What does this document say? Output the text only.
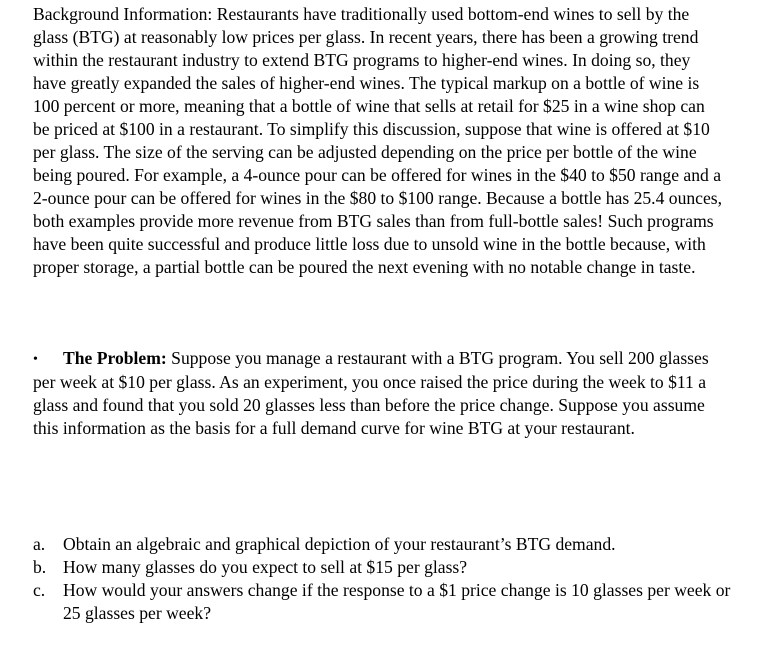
Background Information: Restaurants have traditionally used bottom-end wines to sell by the glass (BTG) at reasonably low prices per glass. In recent years, there has been a growing trend within the restaurant industry to extend BTG programs to higher-end wines. In doing so, they have greatly expanded the sales of higher-end wines. The typical markup on a bottle of wine is 100 percent or more, meaning that a bottle of wine that sells at retail for $25 in a wine shop can be priced at $100 in a restaurant. To simplify this discussion, suppose that wine is offered at $10 per glass. The size of the serving can be adjusted depending on the price per bottle of the wine being poured. For example, a 4-ounce pour can be offered for wines in the $40 to $50 range and a 2-ounce pour can be offered for wines in the $80 to $100 range. Because a bottle has 25.4 ounces, both examples provide more revenue from BTG sales than from full-bottle sales! Such programs have been quite successful and produce little loss due to unsold wine in the bottle because, with proper storage, a partial bottle can be poured the next evening with no notable change in taste.

• The Problem: Suppose you manage a restaurant with a BTG program. You sell 200 glasses per week at $10 per glass. As an experiment, you once raised the price during the week to $11 a glass and found that you sold 20 glasses less than before the price change. Suppose you assume this information as the basis for a full demand curve for wine BTG at your restaurant.

a.	Obtain an algebraic and graphical depiction of your restaurant’s BTG demand.
b. How many glasses do you expect to sell at $15 per glass?
c.	How would your answers change if the response to a $1 price change is 10 glasses per week or 25 glasses per week?
